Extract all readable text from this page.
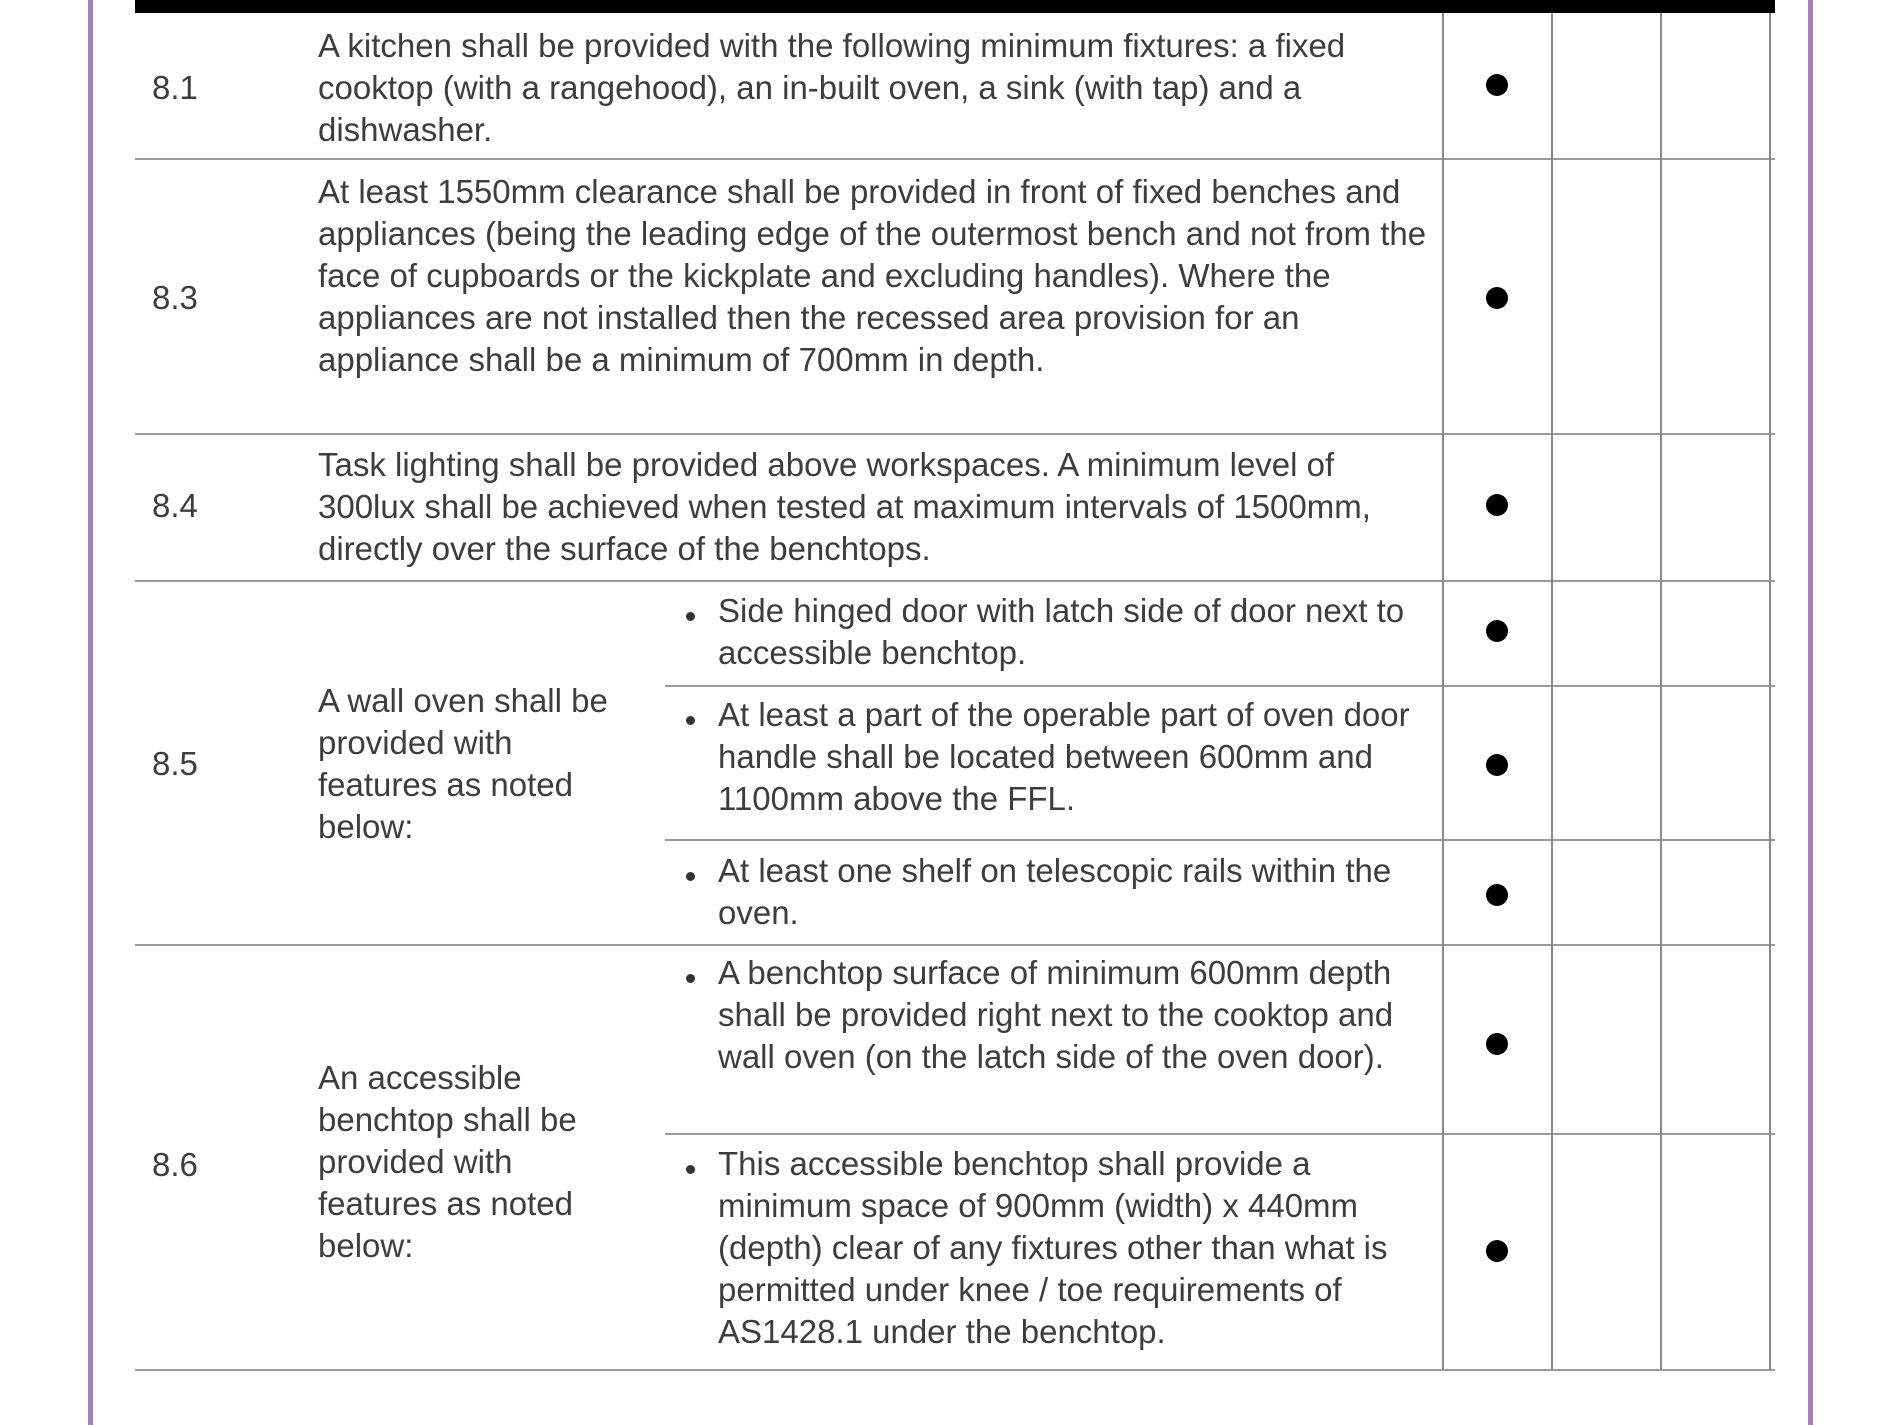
8.1
A kitchen shall be provided with the following minimum fixtures: a fixed cooktop (with a rangehood), an in-built oven, a sink (with tap) and a dishwasher.
8.3
At least 1550mm clearance shall be provided in front of fixed benches and appliances (being the leading edge of the outermost bench and not from the face of cupboards or the kickplate and excluding handles). Where the appliances are not installed then the recessed area provision for an appliance shall be a minimum of 700mm in depth.
8.4
Task lighting shall be provided above workspaces. A minimum level of 300lux shall be achieved when tested at maximum intervals of 1500mm, directly over the surface of the benchtops.
8.5
A wall oven shall be provided with features as noted below:
Side hinged door with latch side of door next to accessible benchtop.
At least a part of the operable part of oven door handle shall be located between 600mm and 1100mm above the FFL.
At least one shelf on telescopic rails within the oven.
8.6
An accessible benchtop shall be provided with features as noted below:
A benchtop surface of minimum 600mm depth shall be provided right next to the cooktop and wall oven (on the latch side of the oven door).
This accessible benchtop shall provide a minimum space of 900mm (width) x 440mm (depth) clear of any fixtures other than what is permitted under knee / toe requirements of AS1428.1 under the benchtop.
